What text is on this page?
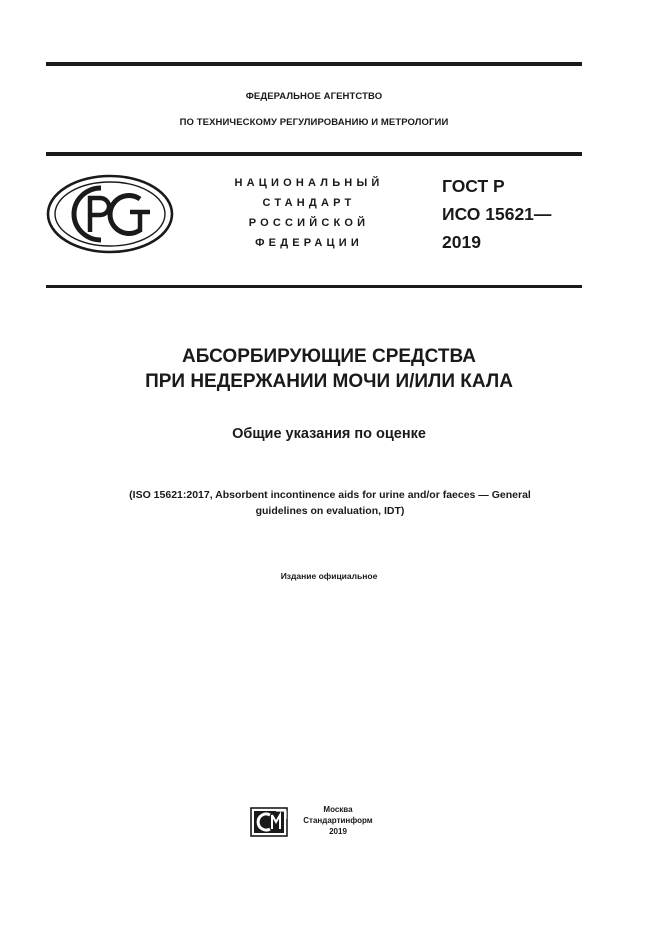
ФЕДЕРАЛЬНОЕ АГЕНТСТВО
ПО ТЕХНИЧЕСКОМУ РЕГУЛИРОВАНИЮ И МЕТРОЛОГИИ
НАЦИОНАЛЬНЫЙ
СТАНДАРТ
РОССИЙСКОЙ
ФЕДЕРАЦИИ
ГОСТ Р
ИСО 15621—
2019
АБСОРБИРУЮЩИЕ СРЕДСТВА
ПРИ НЕДЕРЖАНИИ МОЧИ И/ИЛИ КАЛА
Общие указания по оценке
(ISO 15621:2017, Absorbent incontinence aids for urine and/or faeces — General
guidelines on evaluation, IDT)
Издание официальное
Москва
Стандартинформ
2019
